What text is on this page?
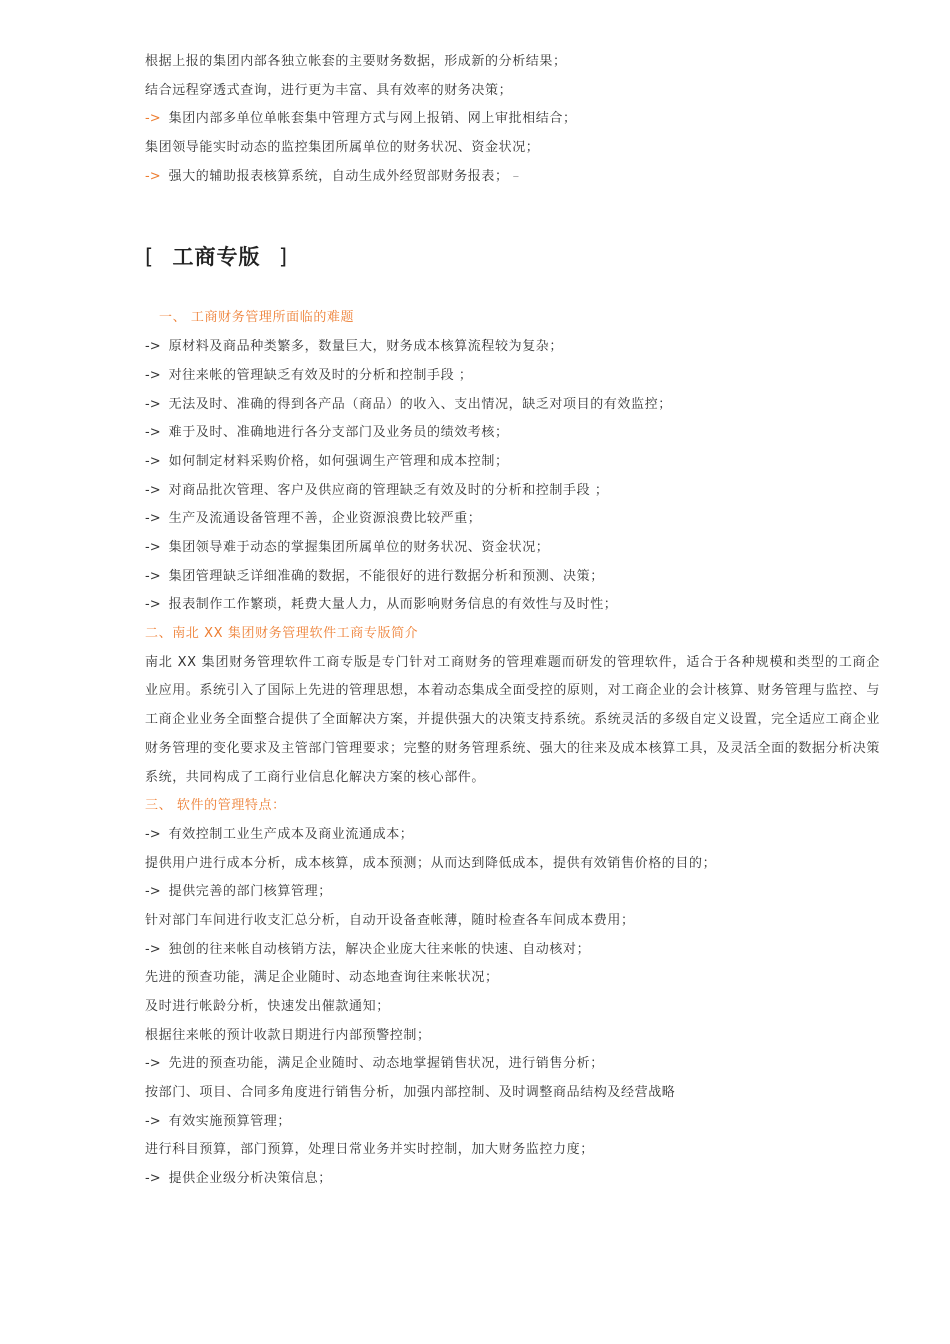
根据上报的集团内部各独立帐套的主要财务数据，形成新的分析结果；
结合远程穿透式查询，进行更为丰富、具有效率的财务决策；
-> 集团内部多单位单帐套集中管理方式与网上报销、网上审批相结合；
集团领导能实时动态的监控集团所属单位的财务状况、资金状况；
-> 强大的辅助报表核算系统，自动生成外经贸部财务报表； –
[ 工商专版 ]
一、 工商财务管理所面临的难题
-> 原材料及商品种类繁多，数量巨大，财务成本核算流程较为复杂；
-> 对往来帐的管理缺乏有效及时的分析和控制手段 ；
-> 无法及时、准确的得到各产品（商品）的收入、支出情况，缺乏对项目的有效监控；
-> 难于及时、准确地进行各分支部门及业务员的绩效考核；
-> 如何制定材料采购价格，如何强调生产管理和成本控制；
-> 对商品批次管理、客户及供应商的管理缺乏有效及时的分析和控制手段 ；
-> 生产及流通设备管理不善，企业资源浪费比较严重；
-> 集团领导难于动态的掌握集团所属单位的财务状况、资金状况；
-> 集团管理缺乏详细准确的数据，不能很好的进行数据分析和预测、决策；
-> 报表制作工作繁琐，耗费大量人力，从而影响财务信息的有效性与及时性；
二、南北 XX 集团财务管理软件工商专版简介
南北 XX 集团财务管理软件工商专版是专门针对工商财务的管理难题而研发的管理软件，适合于各种规模和类型的工商企业应用。系统引入了国际上先进的管理思想，本着动态集成全面受控的原则，对工商企业的会计核算、财务管理与监控、与工商企业业务全面整合提供了全面解决方案，并提供强大的决策支持系统。系统灵活的多级自定义设置，完全适应工商企业财务管理的变化要求及主管部门管理要求；完整的财务管理系统、强大的往来及成本核算工具，及灵活全面的数据分析决策系统，共同构成了工商行业信息化解决方案的核心部件。
三、 软件的管理特点：
-> 有效控制工业生产成本及商业流通成本；
提供用户进行成本分析，成本核算，成本预测；从而达到降低成本，提供有效销售价格的目的；
-> 提供完善的部门核算管理；
针对部门车间进行收支汇总分析，自动开设备查帐薄，随时检查各车间成本费用；
-> 独创的往来帐自动核销方法，解决企业庞大往来帐的快速、自动核对；
先进的预查功能，满足企业随时、动态地查询往来帐状况；
及时进行帐龄分析，快速发出催款通知；
根据往来帐的预计收款日期进行内部预警控制；
-> 先进的预查功能，满足企业随时、动态地掌握销售状况，进行销售分析；
按部门、项目、合同多角度进行销售分析，加强内部控制、及时调整商品结构及经营战略
-> 有效实施预算管理；
进行科目预算，部门预算，处理日常业务并实时控制，加大财务监控力度；
-> 提供企业级分析决策信息；
